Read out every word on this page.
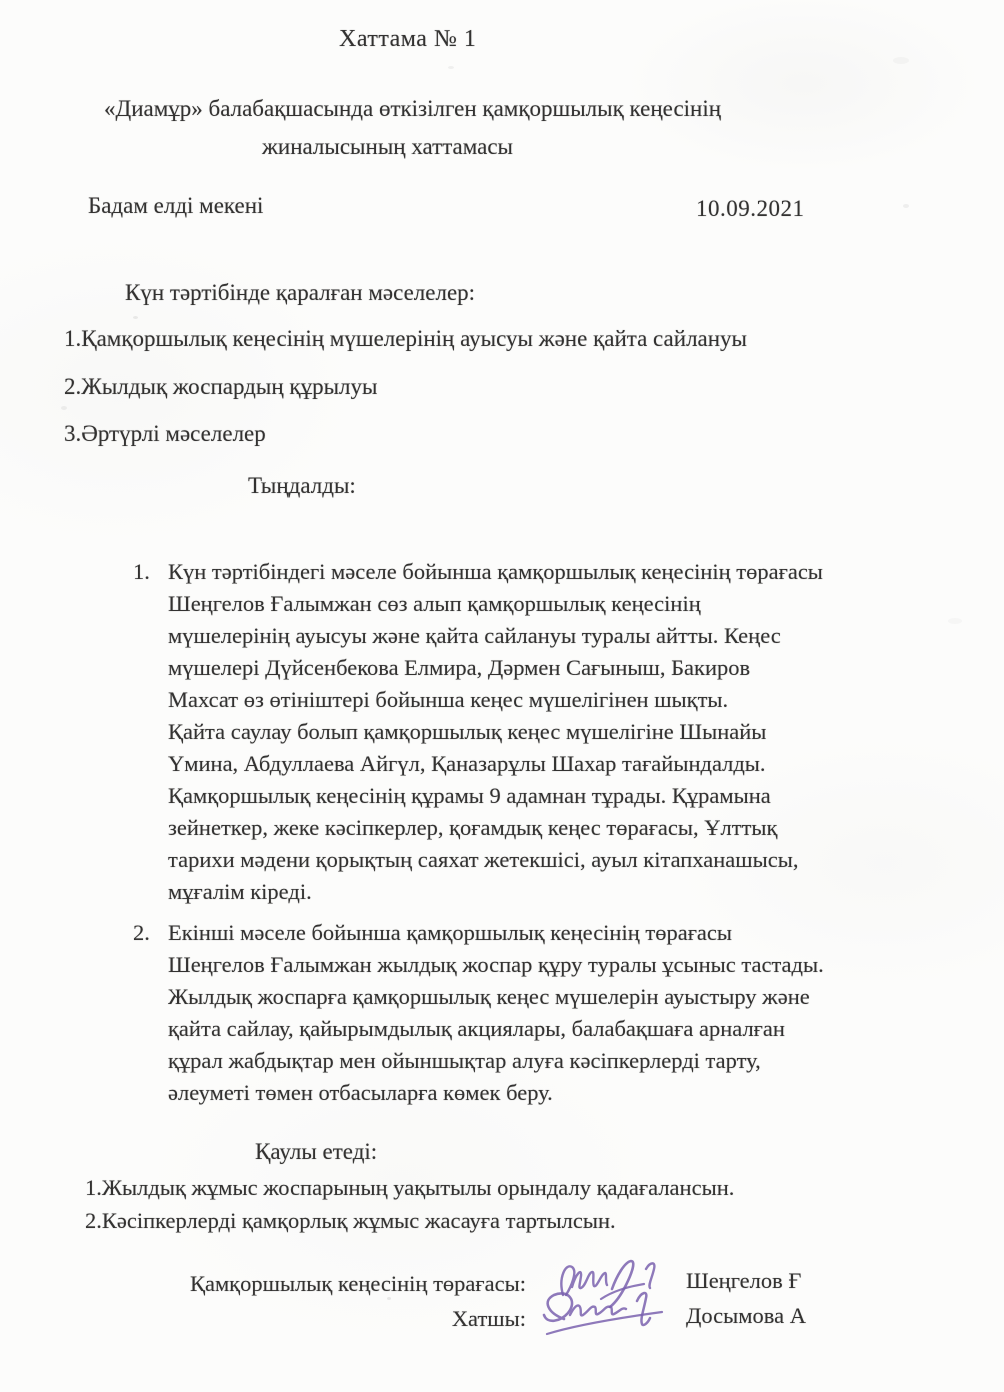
Хаттама № 1
«Диамұр» балабақшасында өткізілген қамқоршылық кеңесінің
жиналысының хаттамасы
Бадам елді мекені	10.09.2021
Күн тәртібінде қаралған мәселелер:
1.Қамқоршылық кеңесінің мүшелерінің ауысуы және қайта сайлануы
2.Жылдық жоспардың құрылуы
3.Әртүрлі мәселелер
Тыңдалды:
1. Күн тәртібіндегі мәселе бойынша қамқоршылық кеңесінің төрағасы
Шеңгелов Ғалымжан сөз алып қамқоршылық кеңесінің
мүшелерінің ауысуы және қайта сайлануы туралы айтты. Кеңес
мүшелері Дүйсенбекова Елмира, Дәрмен Сағыныш, Бакиров
Махсат өз өтініштері бойынша кеңес мүшелігінен шықты.
Қайта саулау болып қамқоршылық кеңес мүшелігіне Шынайы
Үмина, Абдуллаева Айгүл, Қаназарұлы Шахар тағайындалды.
Қамқоршылық кеңесінің құрамы 9 адамнан тұрады. Құрамына
зейнеткер, жеке кәсіпкерлер, қоғамдық кеңес төрағасы, Ұлттық
тарихи мәдени қорықтың саяхат жетекшісі, ауыл кітапханашысы,
мұғалім кіреді.
2. Екінші мәселе бойынша қамқоршылық кеңесінің төрағасы
Шеңгелов Ғалымжан жылдық жоспар құру туралы ұсыныс тастады.
Жылдық жоспарға қамқоршылық кеңес мүшелерін ауыстыру және
қайта сайлау, қайырымдылық акциялары, балабақшаға арналған
құрал жабдықтар мен ойыншықтар алуға кәсіпкерлерді тарту,
әлеуметі төмен отбасыларға көмек беру.
Қаулы етеді:
1.Жылдық жұмыс жоспарының уақытылы орындалу қадағалансын.
2.Кәсіпкерлерді қамқорлық жұмыс жасауға тартылсын.
Қамқоршылық кеңесінің төрағасы:
Хатшы:
Шеңгелов Ғ
Досымова А
